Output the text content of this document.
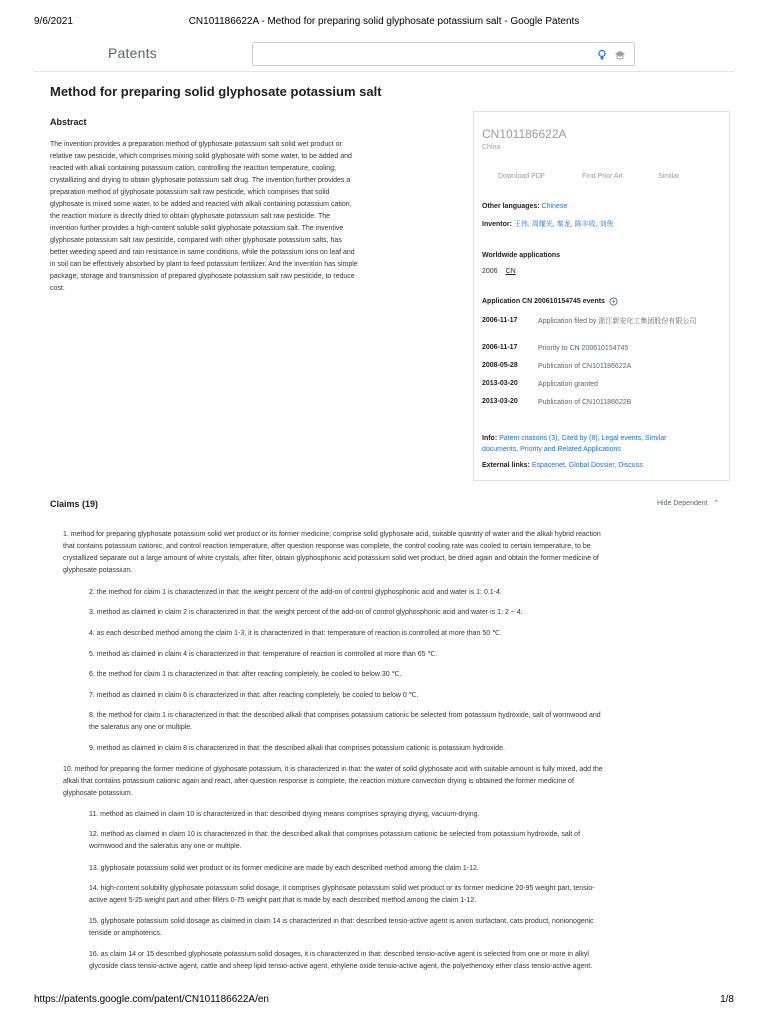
9/6/2021	CN101186622A - Method for preparing solid glyphosate potassium salt - Google Patents
Patents
Method for preparing solid glyphosate potassium salt
Abstract
The invention provides a preparation method of glyphosate potassium salt solid wet product or
relative raw pesticide, which comprises mixing solid glyphosate with some water, to be added and
reacted with alkali containing potassium cation, controlling the reaction temperature, cooling,
crystallizing and drying to obtain glyphosate potassium salt drug. The invention further provides a
preparation method of glyphosate potassium salt raw pesticide, which comprises that solid
glyphosate is mixed some water, to be added and reacted with alkali containing potassium cation,
the reaction mixture is directly dried to obtain glyphosate potassium salt raw pesticide. The
invention further provides a high-content soluble solid glyphosate potassium salt. The inventive
glyphosate potassium salt raw pesticide, compared with other glyphosate potassium salts, has
better weeding speed and rain resistance in same conditions, while the potassium ions on leaf and
in soil can be effectively absorbed by plant to feed potassium fertilizer. And the invention has simple
package, storage and transmission of prepared glyphosate potassium salt raw pesticide, to reduce
cost.
CN101186622A
China
Download PDF	Find Prior Art	Similar
Other languages: Chinese
Inventor: 王伟, 周耀光, 秦龙, 陈丰收, 刘侠
Worldwide applications
2006 CN
Application CN 200610154745 events
2006-11-17	Application filed by 浙江新安化工集团股份有限公司
2006-11-17	Priority to CN 200610154745
2008-05-28	Publication of CN101186622A
2013-03-20	Application granted
2013-03-20	Publication of CN101186622B
Info: Patent citations (3), Cited by (8), Legal events, Similar
documents, Priority and Related Applications
External links: Espacenet, Global Dossier, Discuss
Claims (19)	Hide Dependent ⌃
1. method for preparing glyphosate potassium solid wet product or its former medicine, comprise solid glyphosate acid, suitable quantity of water and the alkali hybrid reaction
that contains potassium cationic, and control reaction temperature, after question response was complete, the control cooling rate was cooled to certain temperature, to be
crystallized separate out a large amount of white crystals, after filter, obtain glyphosphonic acid potassium solid wet product, be dried again and obtain the former medicine of
glyphosate potassium.
2. the method for claim 1 is characterized in that: the weight percent of the add-on of control glyphosphonic acid and water is 1: 0.1-4.
3. method as claimed in claim 2 is characterized in that: the weight percent of the add-on of control glyphosphonic acid and water is 1: 2 ~ 4.
4. as each described method among the claim 1-3, it is characterized in that: temperature of reaction is controlled at more than 50 ℃.
5. method as claimed in claim 4 is characterized in that: temperature of reaction is controlled at more than 65 ℃.
6. the method for claim 1 is characterized in that: after reacting completely, be cooled to below 30 ℃.
7. method as claimed in claim 6 is characterized in that: after reacting completely, be cooled to below 0 ℃.
8. the method for claim 1 is characterized in that: the described alkali that comprises potassium cationic be selected from potassium hydroxide, salt of wormwood and
the saleratus any one or multiple.
9. method as claimed in claim 8 is characterized in that: the described alkali that comprises potassium cationic is potassium hydroxide.
10. method for preparing the former medicine of glyphosate potassium, it is characterized in that: the water of solid glyphosate acid with suitable amount is fully mixed, add the
alkali that contains potassium cationic again and react, after question response is complete, the reaction mixture convection drying is obtained the former medicine of
glyphosate potassium.
11. method as claimed in claim 10 is characterized in that: described drying means comprises spraying drying, vacuum-drying.
12. method as claimed in claim 10 is characterized in that: the described alkali that comprises potassium cationic be selected from potassium hydroxide, salt of
wormwood and the saleratus any one or multiple.
13. glyphosate potassium solid wet product or its former medicine are made by each described method among the claim 1-12.
14. high-content solubility glyphosate potassium solid dosage, it comprises glyphosate potassium solid wet product or its former medicine 20-95 weight part, tensio-
active agent 5-25 weight part and other fillers 0-75 weight part that is made by each described method among the claim 1-12.
15. glyphosate potassium solid dosage as claimed in claim 14 is characterized in that: described tensio-active agent is anion surfactant, cats product, nonionogenic
tenside or amphoterics.
16. as claim 14 or 15 described glyphosate potassium solid dosages, it is characterized in that: described tensio-active agent is selected from one or more in alkyl
glycoside class tensio-active agent, cattle and sheep lipid tensio-active agent, ethylene oxide tensio-active agent, the polyethenoxy ether class tensio-active agent.
https://patents.google.com/patent/CN101186622A/en	1/8
